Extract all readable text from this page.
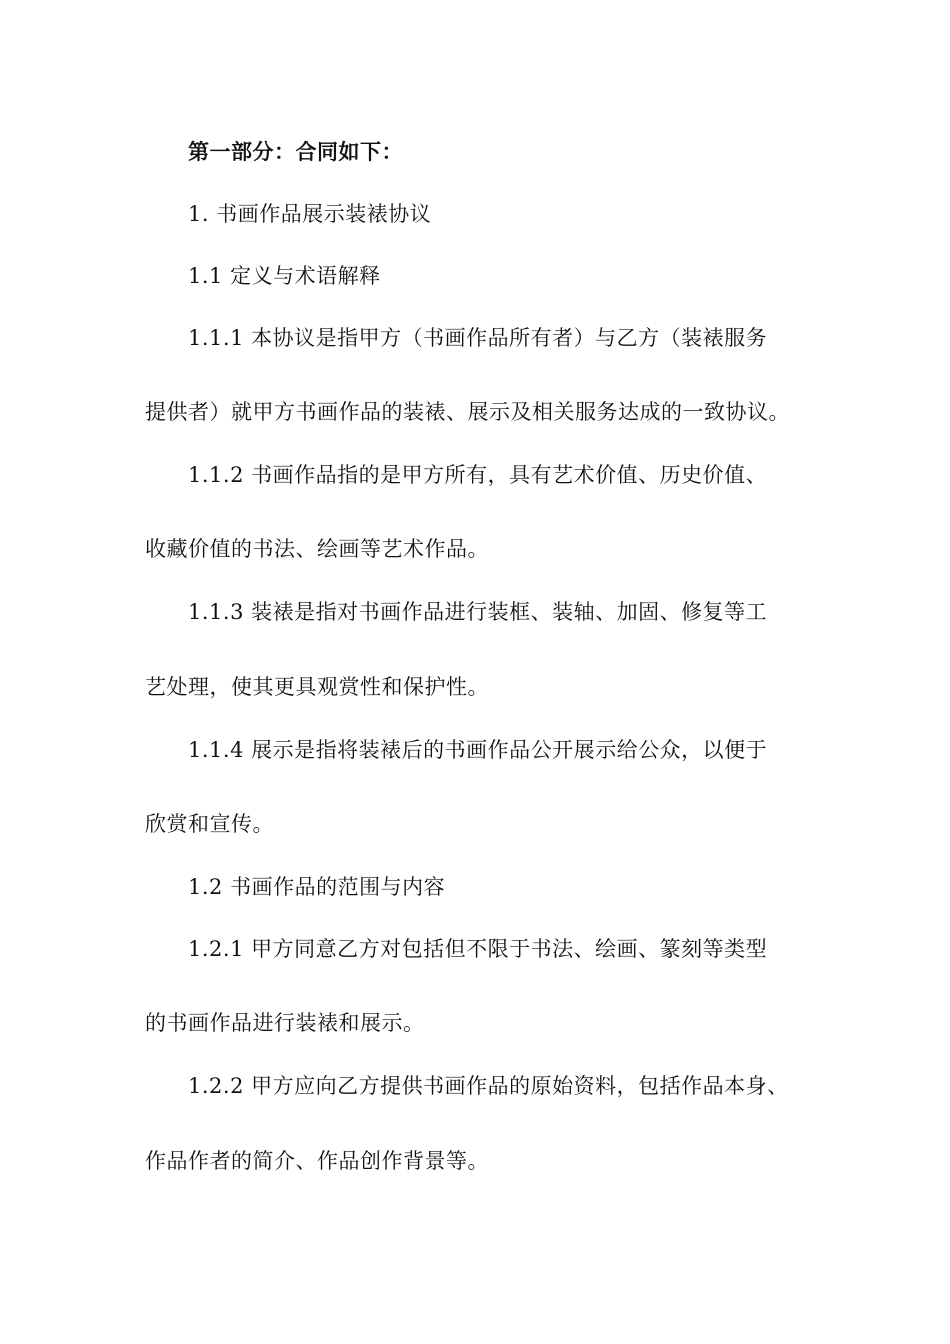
第一部分：合同如下：
1. 书画作品展示装裱协议
1.1 定义与术语解释
1.1.1 本协议是指甲方（书画作品所有者）与乙方（装裱服务
提供者）就甲方书画作品的装裱、展示及相关服务达成的一致协议。
1.1.2 书画作品指的是甲方所有，具有艺术价值、历史价值、
收藏价值的书法、绘画等艺术作品。
1.1.3 装裱是指对书画作品进行装框、装轴、加固、修复等工
艺处理，使其更具观赏性和保护性。
1.1.4 展示是指将装裱后的书画作品公开展示给公众，以便于
欣赏和宣传。
1.2 书画作品的范围与内容
1.2.1 甲方同意乙方对包括但不限于书法、绘画、篆刻等类型
的书画作品进行装裱和展示。
1.2.2 甲方应向乙方提供书画作品的原始资料，包括作品本身、
作品作者的简介、作品创作背景等。
